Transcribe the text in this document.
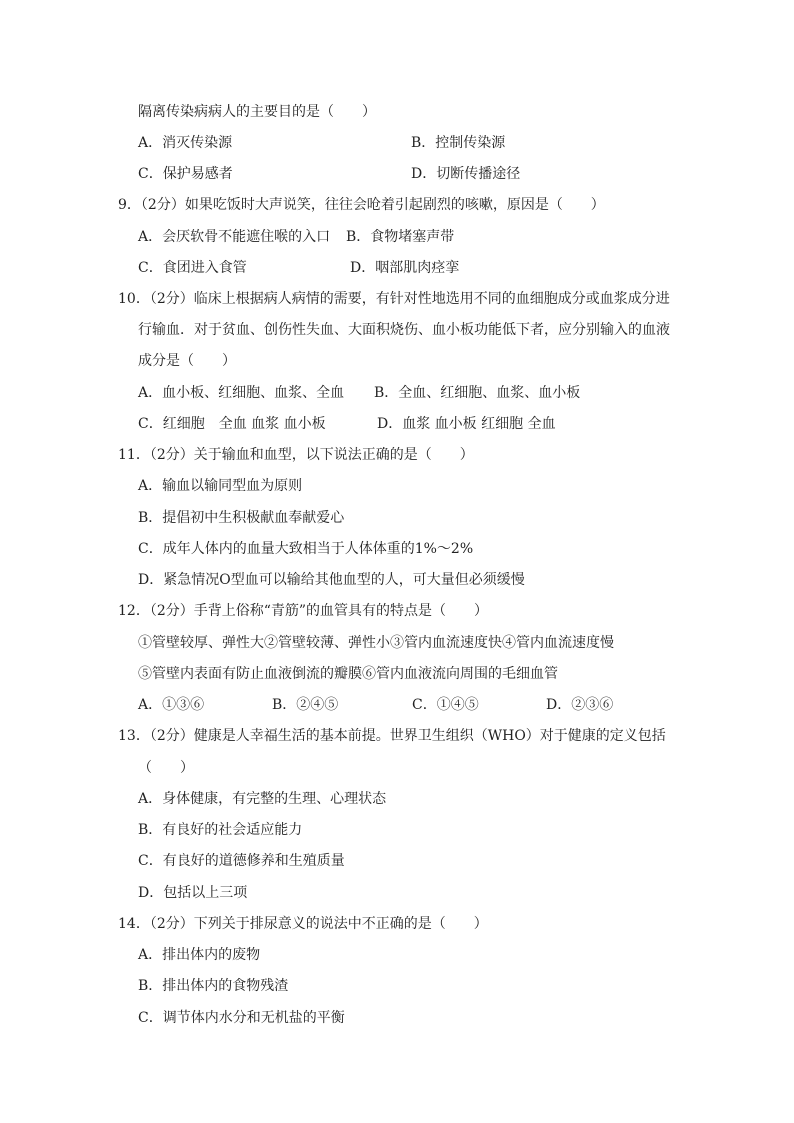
隔离传染病病人的主要目的是（　　）
A．消灭传染源	B．控制传染源
C．保护易感者	D．切断传播途径
9．（2分）如果吃饭时大声说笑，往往会呛着引起剧烈的咳嗽，原因是（　　）
A．会厌软骨不能遮住喉的入口 B．食物堵塞声带
C．食团进入食管	D．咽部肌肉痉挛
10．（2分）临床上根据病人病情的需要，有针对性地选用不同的血细胞成分或血浆成分进
行输血．对于贫血、创伤性失血、大面积烧伤、血小板功能低下者，应分别输入的血液
成分是（　　）
A．血小板、红细胞、血浆、全血 B．全血、红细胞、血浆、血小板
C．红细胞　全血 血浆 血小板	D．血浆 血小板 红细胞 全血
11．（2分）关于输血和血型，以下说法正确的是（　　）
A．输血以输同型血为原则
B．提倡初中生积极献血奉献爱心
C．成年人体内的血量大致相当于人体体重的1%～2%
D．紧急情况O型血可以输给其他血型的人，可大量但必须缓慢
12．（2分）手背上俗称“青筋”的血管具有的特点是（　　）
①管壁较厚、弹性大②管壁较薄、弹性小③管内血流速度快④管内血流速度慢
⑤管壁内表面有防止血液倒流的瓣膜⑥管内血液流向周围的毛细血管
A．①③⑥	B．②④⑤	C．①④⑤	D．②③⑥
13．（2分）健康是人幸福生活的基本前提。世界卫生组织（WHO）对于健康的定义包括
（　　）
A．身体健康，有完整的生理、心理状态
B．有良好的社会适应能力
C．有良好的道德修养和生殖质量
D．包括以上三项
14．（2分）下列关于排尿意义的说法中不正确的是（　　）
A．排出体内的废物
B．排出体内的食物残渣
C．调节体内水分和无机盐的平衡
